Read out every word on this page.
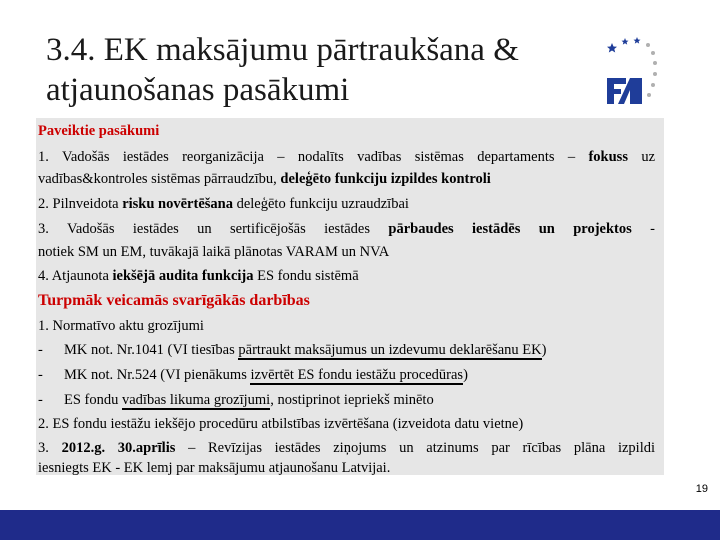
3.4. EK maksājumu pārtraukšana &
atjaunošanas pasākumi
Paveiktie pasākumi
1. Vadošās iestādes reorganizācija – nodalīts vadības sistēmas departaments – fokuss uz
vadības&kontroles sistēmas pārraudzību, deleģēto funkciju izpildes kontroli
2. Pilnveidota risku novērtēšana deleģēto funkciju uzraudzībai
3. Vadošās iestādes un sertificējošās iestādes pārbaudes iestādēs un projektos -
notiek SM un EM, tuvākajā laikā plānotas VARAM un NVA
4. Atjaunota iekšējā audita funkcija ES fondu sistēmā
Turpmāk veicamās svarīgākās darbības
1. Normatīvo aktu grozījumi
- MK not. Nr.1041 (VI tiesības pārtraukt maksājumus un izdevumu deklarēšanu EK)
- MK not. Nr.524 (VI pienākums izvērtēt ES fondu iestāžu procedūras)
- ES fondu vadības likuma grozījumi, nostiprinot iepriekš minēto
2. ES fondu iestāžu iekšējo procedūru atbilstības izvērtēšana (izveidota datu vietne)
3. 2012.g. 30.aprīlis – Revīzijas iestādes ziņojums un atzinums par rīcības plāna izpildi
iesniegts EK - EK lemj par maksājumu atjaunošanu Latvijai.
19
